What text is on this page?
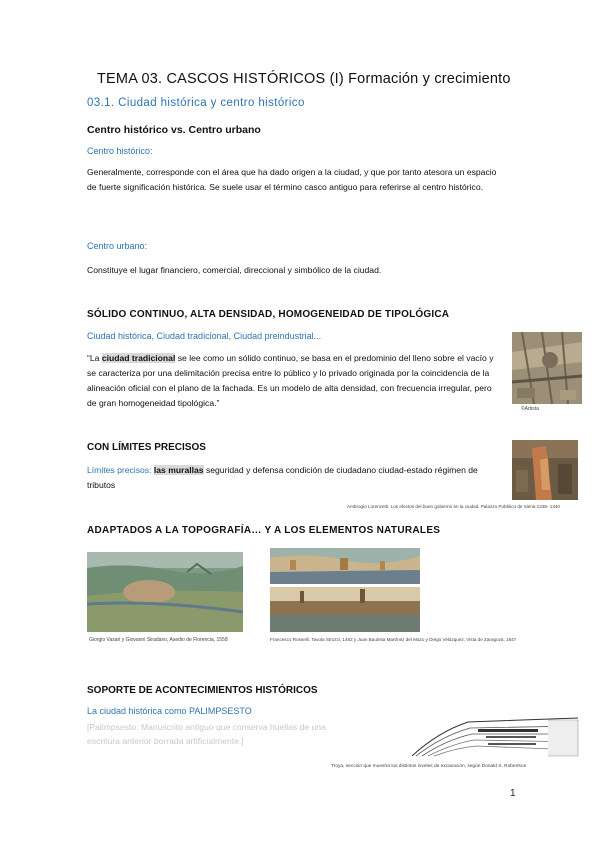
TEMA 03. CASCOS HISTÓRICOS (I) Formación y crecimiento
03.1. Ciudad histórica y centro histórico
Centro histórico vs. Centro urbano
Centro histórico:
Generalmente, corresponde con el área que ha dado origen a la ciudad, y que por tanto atesora un espacio de fuerte significación histórica. Se suele usar el término casco antiguo para referirse al centro histórico.
Centro urbano:
Constituye el lugar financiero, comercial, direccional y simbólico de la ciudad.
SÓLIDO CONTINUO, ALTA DENSIDAD, HOMOGENEIDAD DE TIPOLÓGICA
Ciudad histórica, Ciudad tradicional, Ciudad preindustrial...
“La ciudad tradicional se lee como un sólido continuo, se basa en el predominio del lleno sobre el vacío y se caracteriza por una delimitación precisa entre lo público y lo privado originada por la coincidencia de la alineación oficial con el plano de la fachada. Es un modelo de alta densidad, con frecuencia irregular, pero de gran homogeneidad tipológica.”
©Artista
CON LÍMITES PRECISOS
Límites precisos: las murallas seguridad y defensa condición de ciudadano ciudad-estado régimen de tributos
Ambrogio Lorenzetti. Los efectos del buen gobierno en la ciudad. Palazzo Pubblico de Siena 1338- 1340
ADAPTADOS A LA TOPOGRAFÍA… Y A LOS ELEMENTOS NATURALES
Giorgio Vasari y Giovanni Stradano, Asedio de Florencia, 1558	Francesco Rosselli. Tavola Strozzi, 1482 y Juan Bautista Martínez del Mazo y Diego Velázquez, Vista de Zaragoza, 1647
SOPORTE DE ACONTECIMIENTOS HISTÓRICOS
La ciudad histórica como PALIMPSESTO
[Palimpsesto: Manuscrito antiguo que conserva huellas de una escritura anterior borrada artificialmente.]
Troya, sección que muestra los distintos niveles de excavación, según Donald S. Robertson
1
